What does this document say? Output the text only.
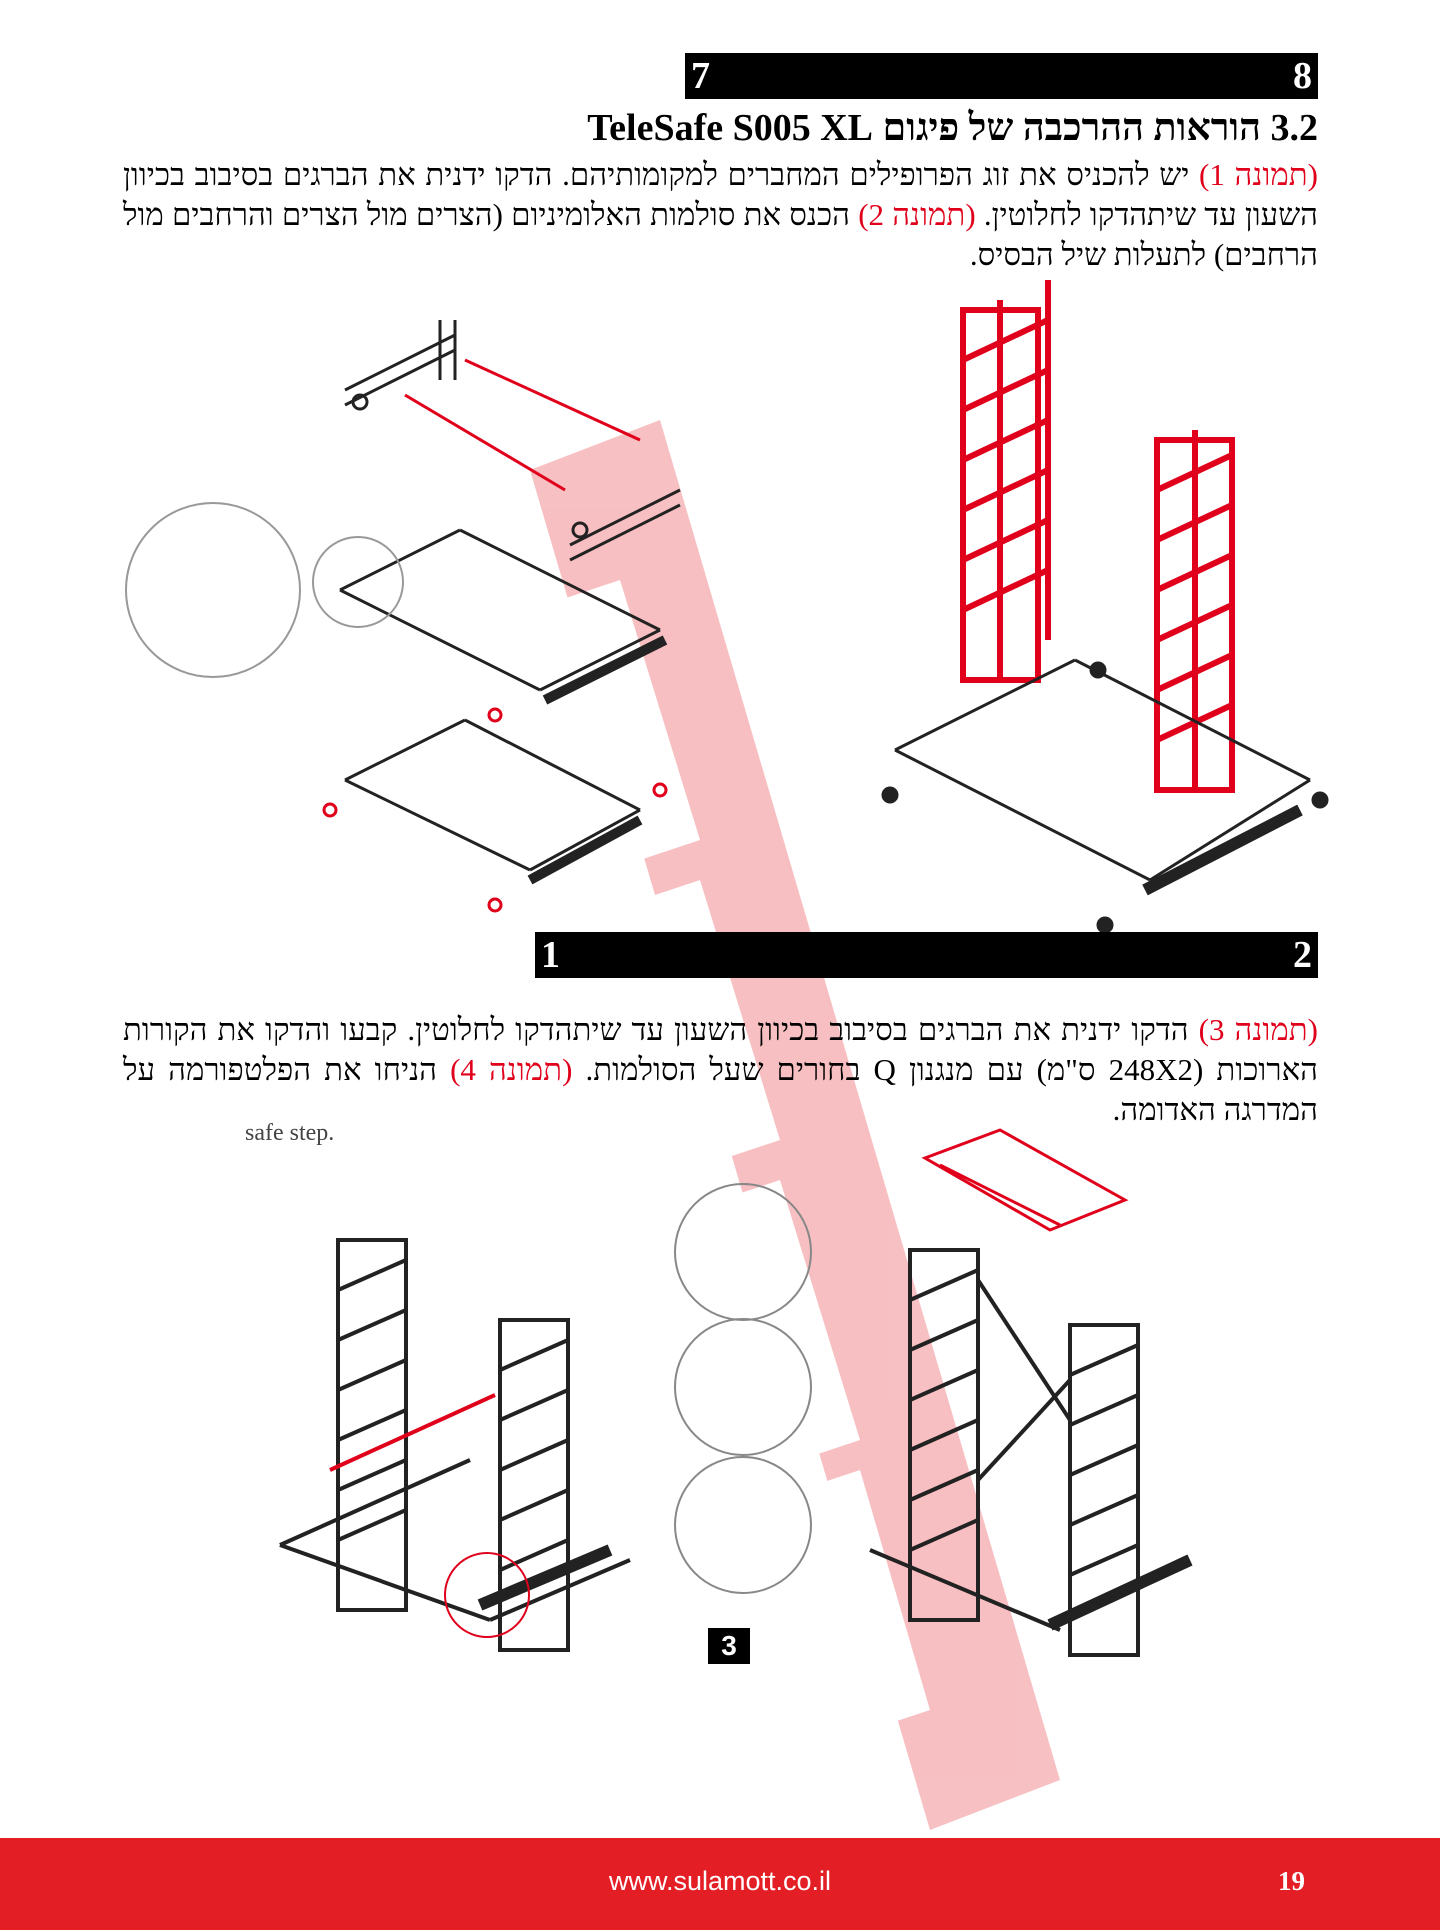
7	8
3.2 הוראות ההרכבה של פיגום TeleSafe S005 XL
(תמונה 1) יש להכניס את זוג הפרופילים המחברים למקומותיהם. הדקו ידנית את הברגים בסיבוב בכיוון השעון עד שיתהדקו לחלוטין. (תמונה 2) הכנס את סולמות האלומיניום (הצרים מול הצרים והרחבים מול הרחבים) לתעלות שיל הבסיס.
1	2
(תמונה 3) הדקו ידנית את הברגים בסיבוב בכיוון השעון עד שיתהדקו לחלוטין. קבעו והדקו את הקורות הארוכות (248X2 ס"מ) עם מנגנון Q בחורים שעל הסולמות. (תמונה 4) הניחו את הפלטפורמה על המדרגה האדומה.
safe step.
3
www.sulamott.co.il	19
